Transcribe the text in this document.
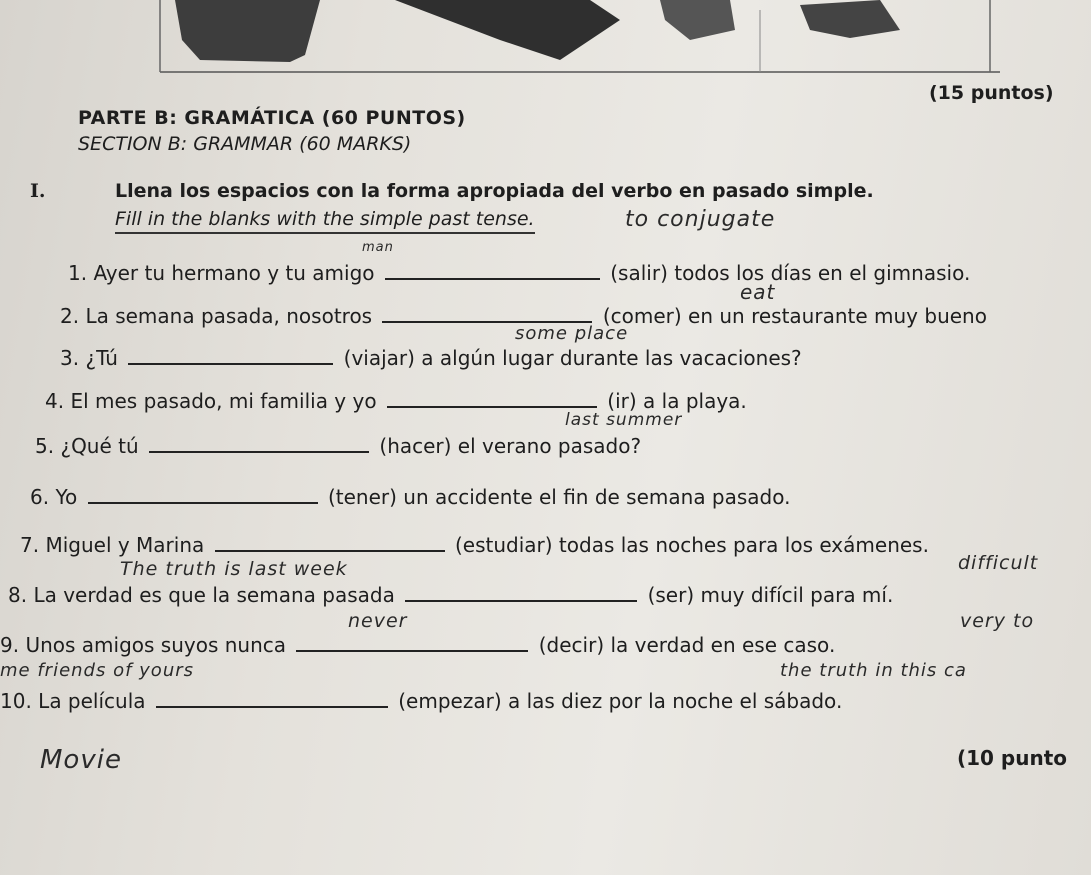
(15 puntos)
PARTE B: GRAMÁTICA (60 PUNTOS)
SECTION B: GRAMMAR (60 MARKS)
I.	Llena los espacios con la forma apropiada del verbo en pasado simple.
Fill in the blanks with the simple past tense.	to conjugate
man
1. Ayer tu hermano y tu amigo	(salir) todos los días en el gimnasio.
eat
2. La semana pasada, nosotros	(comer) en un restaurante muy bueno
some place
3. ¿Tú	(viajar) a algún lugar durante las vacaciones?
4. El mes pasado, mi familia y yo	(ir) a la playa.
last summer
5. ¿Qué tú	(hacer) el verano pasado?
6. Yo	(tener) un accidente el fin de semana pasado.
7. Miguel y Marina	(estudiar) todas las noches para los exámenes.
The truth is last week	difficult
8. La verdad es que la semana pasada	(ser) muy difícil para mí.
never	very to
9. Unos amigos suyos nunca	(decir) la verdad en ese caso.
me friends of yours	the truth in this ca
10. La película	(empezar) a las diez por la noche el sábado.
Movie	(10 punto
